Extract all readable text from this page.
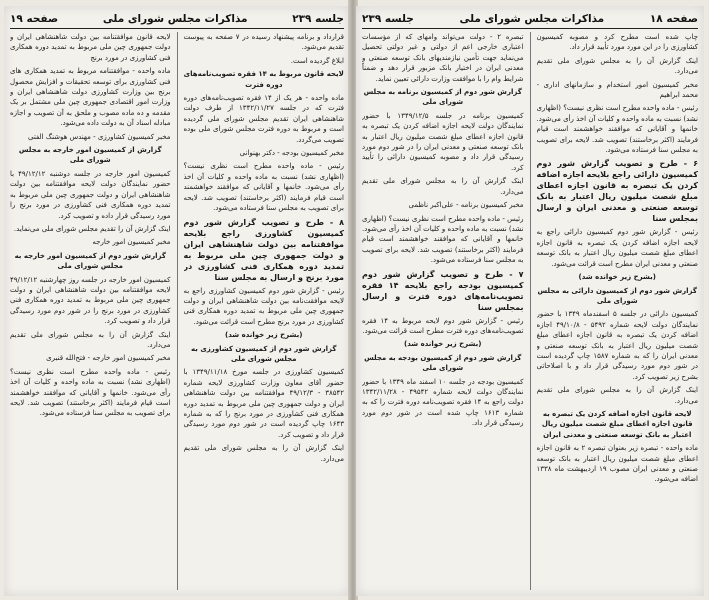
جلسه ۲۳۹
مذاکرات مجلس شورای ملی
صفحه ۱۹

قرارداد و برنامه پیشنهاد رسیده در ۷ صفحه به پیوست تقدیم می‌شود.

ابلاغ گردیده است.

لایحه قانون مربوط به ۱۴ فقره تصویب‌نامه‌های دوره فترت

ماده واحده - هر یک از ۱۴ فقره تصویب‌نامه‌های دوره فترت که در جلسه ۱۳۴۲/۱۱/۲۷ از طرف دولت شاهنشاهی ایران تقدیم مجلس شورای ملی گردیده است و مربوط به دوره فترت مجلس شورای ملی بوده تصویب می‌گردد.

مخبر کمیسیون بودجه - دکتر بهنوانی

رئیس - ماده واحده مطرح است نظری نیست؟ (اظهاری نشد) نسبت به ماده واحده و کلیات آن اخذ رأی می‌شود. خانمها و آقایانی که موافقند خواهشمند است قیام فرمایند (اکثر برخاستند) تصویب شد. لایحه برای تصویب به مجلس سنا فرستاده می‌شود.

۸ - طرح و تصویب گزارش شور دوم کمیسیون کشاورزی راجع بلایحه موافقتنامه بین دولت شاهنشاهی ایران و دولت جمهوری چین ملی مربوط به تمدید دوره همکاری فنی کشاورزی در مورد برنج و ارسال به مجلس سنا

رئیس - گزارش شور دوم کمیسیون کشاورزی راجع به لایحه موافقت‌نامه بین دولت شاهنشاهی ایران و دولت جمهوری چین ملی مربوط به تمدید دوره همکاری فنی کشاورزی در مورد برنج مطرح است قرائت می‌شود.

(بشرح زیر خوانده شد)

گزارش شور دوم از کمیسیون کشاورزی به مجلس شورای ملی

کمیسیون کشاورزی در جلسه مورخ ۱۳۴۹/۱۱/۱۸ با حضور آقای معاون وزارت کشاورزی لایحه شماره ۳۸۵۴۲ - ۴۹/۱۲/۳ موافقتنامه بین دولت شاهنشاهی ایران و دولت جمهوری چین ملی مربوط به تمدید دوره همکاری فنی کشاورزی در مورد برنج را که به شماره ۱۶۴۳ چاپ گردیده است در شور دوم مورد رسیدگی قرار داد و تصویب کرد.

اینک گزارش آن را به مجلس شورای ملی تقدیم می‌دارد.

لایحه قانون موافقتنامه بین دولت شاهنشاهی ایران و دولت جمهوری چین ملی مربوط به تمدید دوره همکاری فنی کشاورزی در مورد برنج

ماده واحده - موافقتنامه مربوط به تمدید همکاری های فنی کشاورزی برای توسعه تحقیقات و افزایش محصول برنج بین وزارت کشاورزی دولت شاهنشاهی ایران و وزارت امور اقتصادی جمهوری چین ملی مشتمل بر یک مقدمه و ده ماده مصوب و ملحق به آن تصویب و اجازه مبادله اسناد آن به دولت داده می‌شود.

مخبر کمیسیون کشاورزی - مهندس هوشنگ الفتی

گزارش از کمیسیون امور خارجه به مجلس شورای ملی

کمیسیون امور خارجه در جلسه دوشنبه ۴۹/۱۲/۱۲ با حضور نمایندگان دولت لایحه موافقتنامه بین دولت شاهنشاهی ایران و دولت جمهوری چین ملی مربوط به تمدید دوره همکاری فنی کشاورزی در مورد برنج را مورد رسیدگی قرار داده و تصویب کرد.

اینک گزارش آن را تقدیم مجلس شورای ملی می‌نماید.

مخبر کمیسیون امور خارجه

گزارش شور دوم از کمیسیون امور خارجه به مجلس شورای ملی

کمیسیون امور خارجه در جلسه روز چهارشنبه ۴۹/۱۲/۱۲ لایحه موافقتنامه بین دولت شاهنشاهی ایران و دولت جمهوری چین ملی مربوط به تمدید دوره همکاری فنی کشاورزی در مورد برنج را در شور دوم مورد رسیدگی قرار داد و تصویب کرد.

اینک گزارش آن را به مجلس شورای ملی تقدیم می‌دارد.

مخبر کمیسیون امور خارجه - فتح‌الله قنبری

رئیس - ماده واحده مطرح است نظری نیست؟ (اظهاری نشد) نسبت به ماده واحده و کلیات آن اخذ رأی می‌شود. خانمها و آقایانی که موافقند خواهشمند است قیام فرمایند (اکثر برخاستند) تصویب شد. لایحه برای تصویب به مجلس سنا فرستاده می‌شود.

صفحه ۱۸
مذاکرات مجلس شورای ملی
جلسه ۲۳۹

چاپ شده است مطرح کرد و مصوبه کمیسیون کشاورزی را در این مورد مورد تأیید قرار داد.

اینک گزارش آن را به مجلس شورای ملی تقدیم می‌دارد.

مخبر کمیسیون امور استخدام و سازمانهای اداری - محمد ابراهیم

رئیس - ماده واحده مطرح است نظری نیست؟ (اظهاری نشد) نسبت به ماده واحده و کلیات آن اخذ رأی می‌شود. خانمها و آقایانی که موافقند خواهشمند است قیام فرمایند (اکثر برخاستند) تصویب شد. لایحه برای تصویب به مجلس سنا فرستاده می‌شود.

۶ - طرح و تصویب گزارش شور دوم کمیسیون دارائی راجع بلایحه اجازه اضافه کردن یک تبصره به قانون اجازه اعطای مبلغ شصت میلیون ریال اعتبار به بانک توسعه صنعتی و معدنی ایران و ارسال بمجلس سنا

رئیس - گزارش شور دوم کمیسیون دارائی راجع به لایحه اجازه اضافه کردن یک تبصره به قانون اجازه اعطای مبلغ شصت میلیون ریال اعتبار به بانک توسعه صنعتی و معدنی ایران مطرح است قرائت می‌شود.

(بشرح زیر خوانده شد)

گزارش شور دوم از کمیسیون دارائی به مجلس شورای ملی

کمیسیون دارائی در جلسه ۵ اسفندماه ۱۳۴۹ با حضور نمایندگان دولت لایحه شماره ۵۴۹۲ - ۴۹/۱۰/۸ اجازه اضافه کردن یک تبصره به قانون اجازه اعطای مبلغ شصت میلیون ریال اعتبار به بانک توسعه صنعتی و معدنی ایران را که به شماره ۱۵۸۷ چاپ گردیده است در شور دوم مورد رسیدگی قرار داد و با اصلاحاتی بشرح زیر تصویب کرد.

اینک گزارش آن را به مجلس شورای ملی تقدیم می‌دارد.

لایحه قانون اجازه اضافه کردن یک تبصره به قانون اجازه اعطای مبلغ شصت میلیون ریال اعتبار به بانک توسعه صنعتی و معدنی ایران

ماده واحده - تبصره زیر بعنوان تبصره ۲ به قانون اجازه اعطای مبلغ شصت میلیون ریال اعتبار به بانک توسعه صنعتی و معدنی ایران مصوب ۱۹ اردیبهشت ماه ۱۳۳۸ اضافه می‌شود.

تبصره ۲ - دولت می‌تواند وامهای که از مؤسسات اعتباری خارجی اعم از دولتی و غیر دولتی تحصیل می‌نماید جهت تأمین نیازمندیهای بانک توسعه صنعتی و معدنی ایران در اختیار بانک مزبور قرار دهد و ضمناً شرایط وام را با موافقت وزارت دارائی تعیین نماید.

گزارش شور دوم از کمیسیون برنامه به مجلس شورای ملی

کمیسیون برنامه در جلسه ۱۳۴۹/۱۲/۵ با حضور نمایندگان دولت لایحه اجازه اضافه کردن یک تبصره به قانون اجازه اعطای مبلغ شصت میلیون ریال اعتبار به بانک توسعه صنعتی و معدنی ایران را در شور دوم مورد رسیدگی قرار داد و مصوبه کمیسیون دارائی را تأیید کرد.

اینک گزارش آن را به مجلس شورای ملی تقدیم می‌دارد.

مخبر کمیسیون برنامه - علی‌اکبر ناظمی

رئیس - ماده واحده مطرح است نظری نیست؟ (اظهاری نشد) نسبت به ماده واحده و کلیات آن اخذ رأی می‌شود. خانمها و آقایانی که موافقند خواهشمند است قیام فرمایند (اکثر برخاستند) تصویب شد. لایحه برای تصویب به مجلس سنا فرستاده می‌شود.

۷ - طرح و تصویب گزارش شور دوم کمیسیون بودجه راجع بلایحه ۱۴ فقره تصویب‌نامه‌های دوره فترت و ارسال بمجلس سنا

رئیس - گزارش شور دوم لایحه مربوط به ۱۴ فقره تصویب‌نامه‌های دوره فترت مطرح است قرائت می‌شود.

(بشرح زیر خوانده شد)

گزارش شور دوم از کمیسیون بودجه به مجلس شورای ملی

کمیسیون بودجه در جلسه ۱۰ اسفند ماه ۱۳۴۹ با حضور نمایندگان دولت لایحه شماره ۴۹۵۴۲ - ۱۳۴۲/۱۱/۲۸ دولت راجع به ۱۴ فقره تصویب‌نامه دوره فترت را که به شماره ۱۶۱۳ چاپ شده است در شور دوم مورد رسیدگی قرار داد.
